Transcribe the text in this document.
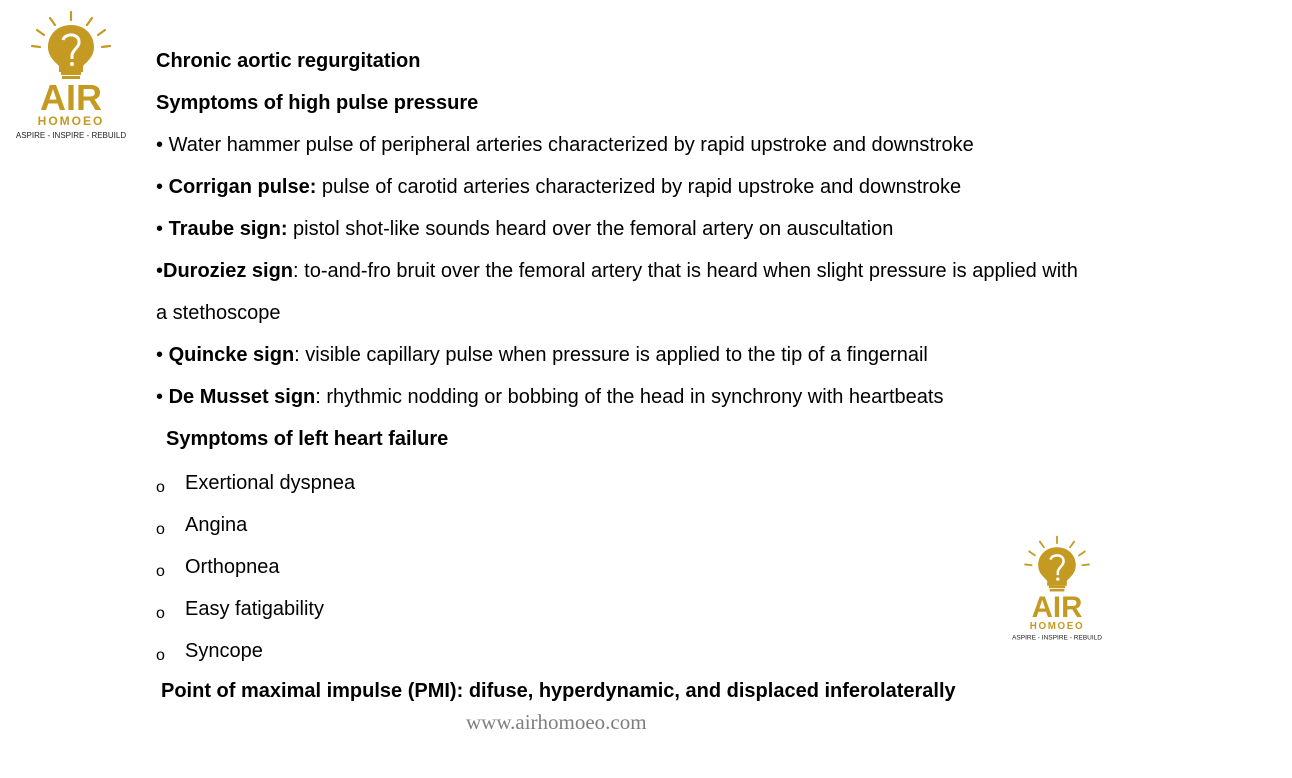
AIR
HOMOEO
ASPIRE - INSPIRE - REBUILD
Chronic aortic regurgitation
Symptoms of high pulse pressure
• Water hammer pulse of peripheral arteries characterized by rapid upstroke and downstroke
• Corrigan pulse: pulse of carotid arteries characterized by rapid upstroke and downstroke
• Traube sign: pistol shot-like sounds heard over the femoral artery on auscultation
•Duroziez sign: to-and-fro bruit over the femoral artery that is heard when slight pressure is applied with
a stethoscope
• Quincke sign: visible capillary pulse when pressure is applied to the tip of a fingernail
• De Musset sign: rhythmic nodding or bobbing of the head in synchrony with heartbeats
Symptoms of left heart failure
o	Exertional dyspnea
o	Angina
o	Orthopnea
o	Easy fatigability
o	Syncope
Point of maximal impulse (PMI): difuse, hyperdynamic, and displaced inferolaterally
AIR
HOMOEO
ASPIRE - INSPIRE - REBUILD
www.airhomoeo.com
